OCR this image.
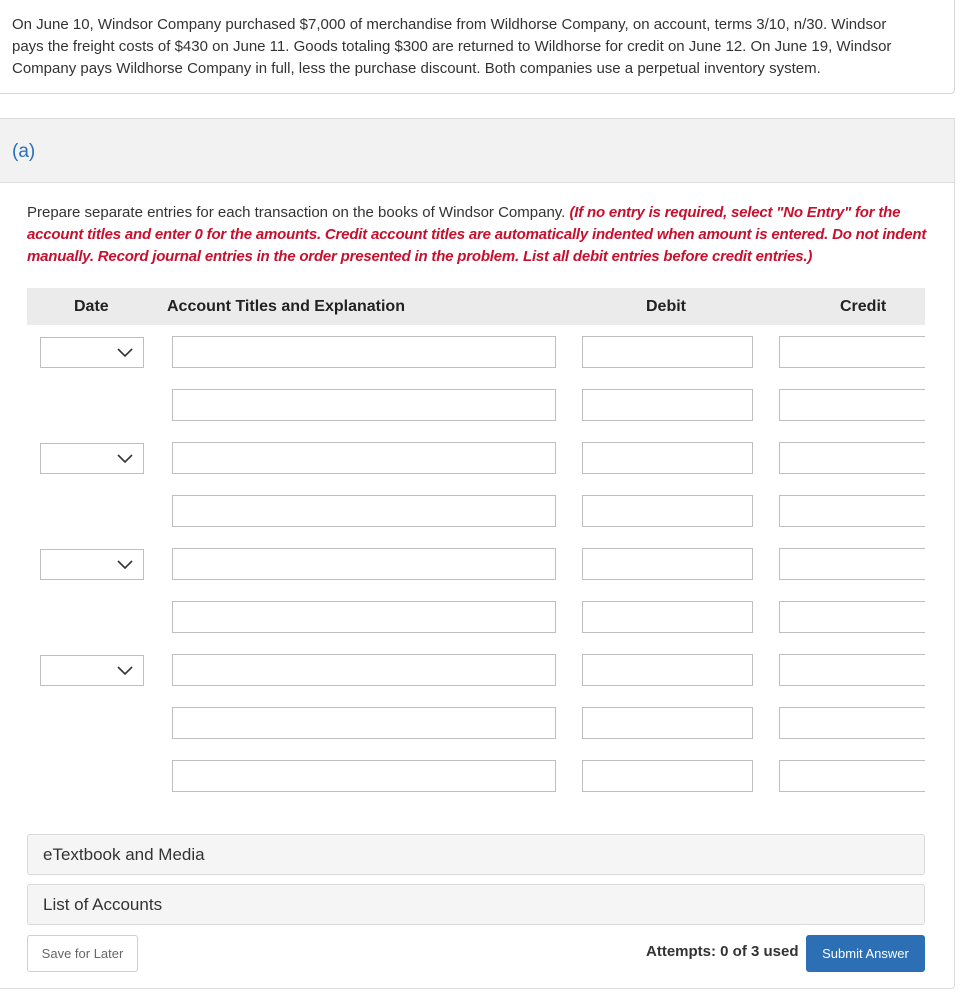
On June 10, Windsor Company purchased $7,000 of merchandise from Wildhorse Company, on account, terms 3/10, n/30. Windsor
pays the freight costs of $430 on June 11. Goods totaling $300 are returned to Wildhorse for credit on June 12. On June 19, Windsor
Company pays Wildhorse Company in full, less the purchase discount. Both companies use a perpetual inventory system.
(a)
Prepare separate entries for each transaction on the books of Windsor Company. (If no entry is required, select "No Entry" for the account titles and enter 0 for the amounts. Credit account titles are automatically indented when amount is entered. Do not indent manually. Record journal entries in the order presented in the problem. List all debit entries before credit entries.)
Date	Account Titles and Explanation	Debit	Credit
eTextbook and Media
List of Accounts
Save for Later	Attempts: 0 of 3 used	Submit Answer
